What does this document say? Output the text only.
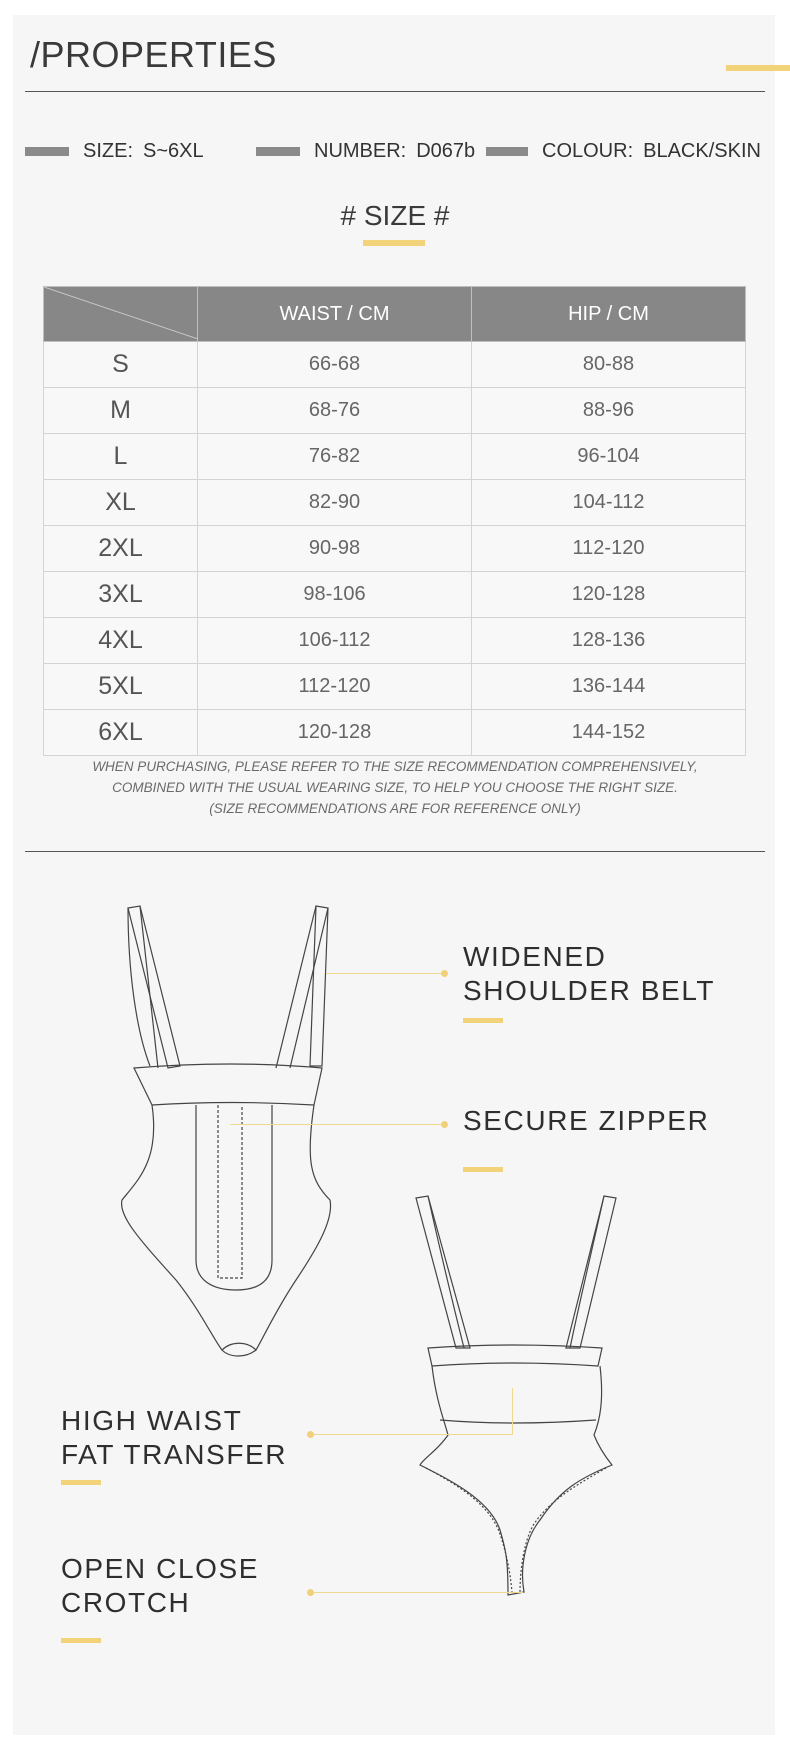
/PROPERTIES
SIZE: S~6XL	NUMBER: D067b	COLOUR: BLACK/SKIN
# SIZE #
	WAIST / CM	HIP / CM
S	66-68	80-88
M	68-76	88-96
L	76-82	96-104
XL	82-90	104-112
2XL	90-98	112-120
3XL	98-106	120-128
4XL	106-112	128-136
5XL	112-120	136-144
6XL	120-128	144-152
WHEN PURCHASING, PLEASE REFER TO THE SIZE RECOMMENDATION COMPREHENSIVELY,
COMBINED WITH THE USUAL WEARING SIZE, TO HELP YOU CHOOSE THE RIGHT SIZE.
(SIZE RECOMMENDATIONS ARE FOR REFERENCE ONLY)
WIDENED
SHOULDER BELT
SECURE ZIPPER
HIGH WAIST
FAT TRANSFER
OPEN CLOSE
CROTCH
